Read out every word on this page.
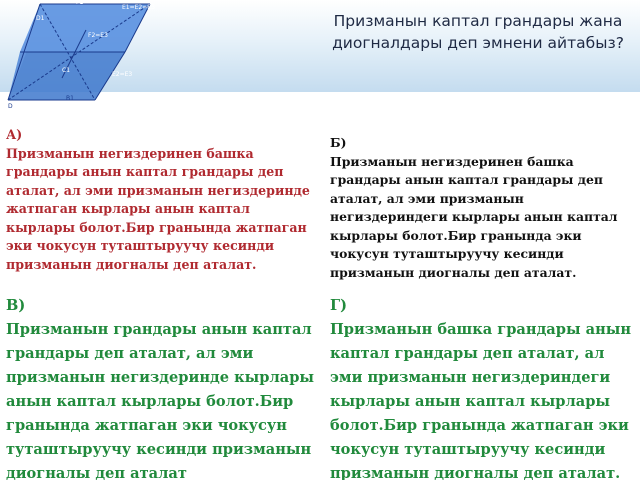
F1
E1=E2=E3
D1
F2=E3
C1
E2=E3
D
B1
Призманын каптал грандары жана диогналдары деп эмнени айтабыз?
А)
Призманын негиздеринен башка грандары анын каптал грандары деп аталат, ал эми призманын негиздеринде жатпаган кырлары анын каптал кырлары болот.Бир гранында жатпаган эки чокусун туташтыруучу кесинди призманын диогналы деп аталат.
Б)
Призманын негиздеринен башка грандары анын каптал грандары деп аталат, ал эми призманын негиздериндеги кырлары анын каптал кырлары болот.Бир гранында эки чокусун туташтыруучу кесинди призманын диогналы деп аталат.
В)
Призманын грандары анын каптал грандары деп аталат, ал эми призманын негиздеринде кырлары анын каптал кырлары болот.Бир гранында жатпаган эки чокусун туташтыруучу кесинди призманын диогналы деп аталат
Г)
Призманын башка грандары анын каптал грандары деп аталат, ал эми призманын негиздериндеги кырлары анын каптал кырлары болот.Бир гранында жатпаган эки чокусун туташтыруучу кесинди призманын диогналы деп аталат.
